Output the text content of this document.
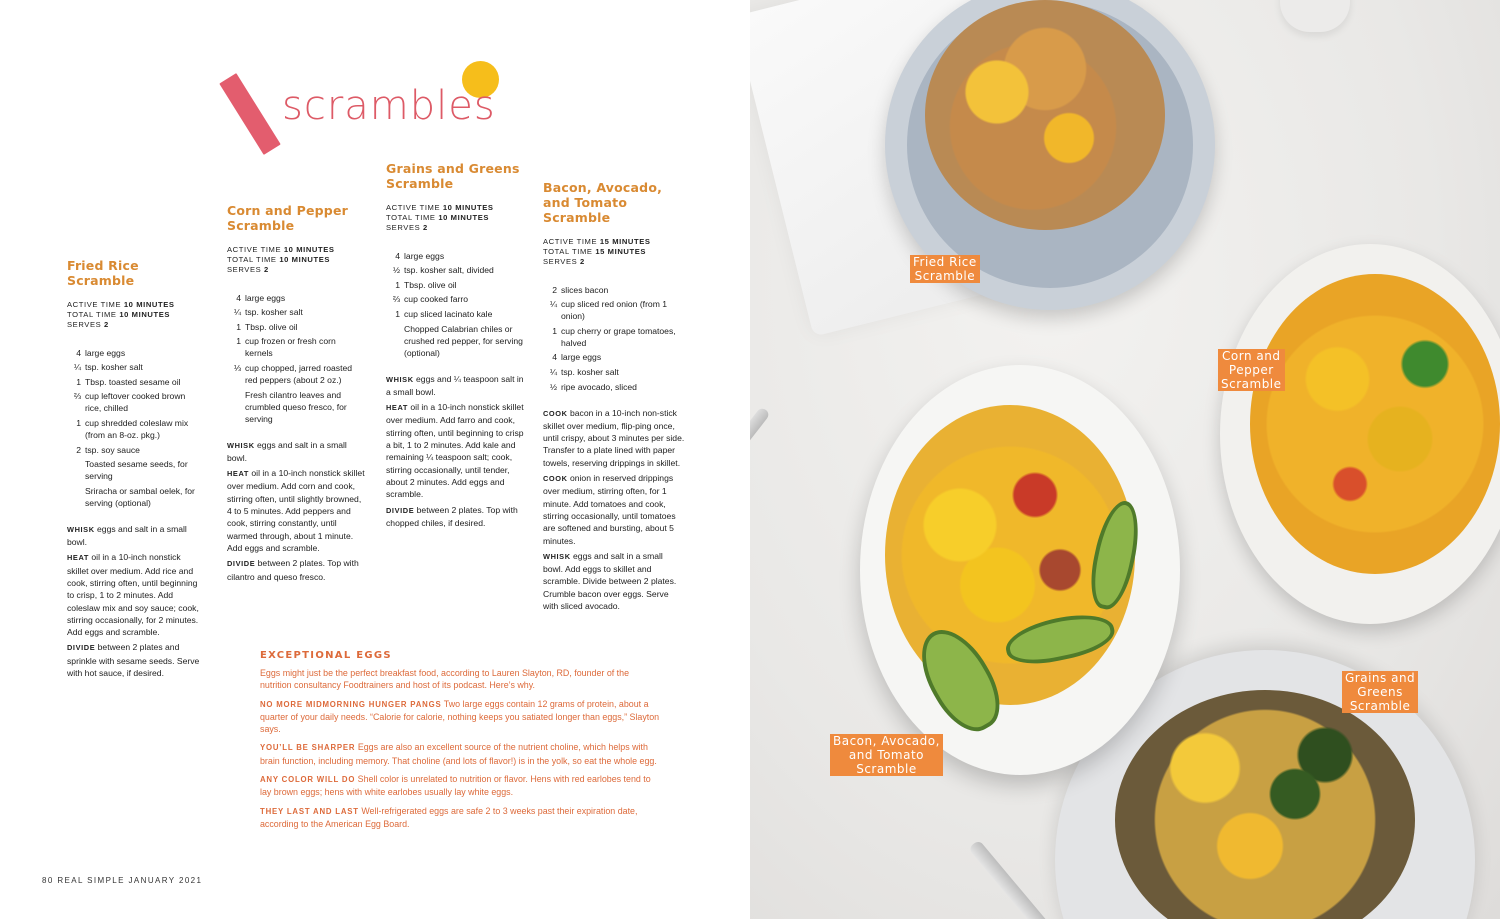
scrambles
Fried Rice Scramble
ACTIVE TIME 10 MINUTES
TOTAL TIME 10 MINUTES
SERVES 2
4 large eggs
¼ tsp. kosher salt
1 Tbsp. toasted sesame oil
⅔ cup leftover cooked brown rice, chilled
1 cup shredded coleslaw mix (from an 8-oz. pkg.)
2 tsp. soy sauce
Toasted sesame seeds, for serving
Sriracha or sambal oelek, for serving (optional)
WHISK eggs and salt in a small bowl.
HEAT oil in a 10-inch nonstick skillet over medium. Add rice and cook, stirring often, until beginning to crisp, 1 to 2 minutes. Add coleslaw mix and soy sauce; cook, stirring occasionally, for 2 minutes. Add eggs and scramble.
DIVIDE between 2 plates and sprinkle with sesame seeds. Serve with hot sauce, if desired.
Corn and Pepper Scramble
ACTIVE TIME 10 MINUTES
TOTAL TIME 10 MINUTES
SERVES 2
4 large eggs
¼ tsp. kosher salt
1 Tbsp. olive oil
1 cup frozen or fresh corn kernels
⅓ cup chopped, jarred roasted red peppers (about 2 oz.)
Fresh cilantro leaves and crumbled queso fresco, for serving
WHISK eggs and salt in a small bowl.
HEAT oil in a 10-inch nonstick skillet over medium. Add corn and cook, stirring often, until slightly browned, 4 to 5 minutes. Add peppers and cook, stirring constantly, until warmed through, about 1 minute. Add eggs and scramble.
DIVIDE between 2 plates. Top with cilantro and queso fresco.
Grains and Greens Scramble
ACTIVE TIME 10 MINUTES
TOTAL TIME 10 MINUTES
SERVES 2
4 large eggs
½ tsp. kosher salt, divided
1 Tbsp. olive oil
⅔ cup cooked farro
1 cup sliced lacinato kale
Chopped Calabrian chiles or crushed red pepper, for serving (optional)
WHISK eggs and ¼ teaspoon salt in a small bowl.
HEAT oil in a 10-inch nonstick skillet over medium. Add farro and cook, stirring often, until beginning to crisp a bit, 1 to 2 minutes. Add kale and remaining ¼ teaspoon salt; cook, stirring occasionally, until tender, about 2 minutes. Add eggs and scramble.
DIVIDE between 2 plates. Top with chopped chiles, if desired.
Bacon, Avocado, and Tomato Scramble
ACTIVE TIME 15 MINUTES
TOTAL TIME 15 MINUTES
SERVES 2
2 slices bacon
¼ cup sliced red onion (from 1 onion)
1 cup cherry or grape tomatoes, halved
4 large eggs
¼ tsp. kosher salt
½ ripe avocado, sliced
COOK bacon in a 10-inch non-stick skillet over medium, flip-ping once, until crispy, about 3 minutes per side. Transfer to a plate lined with paper towels, reserving drippings in skillet.
COOK onion in reserved drippings over medium, stirring often, for 1 minute. Add tomatoes and cook, stirring occasionally, until tomatoes are softened and bursting, about 5 minutes.
WHISK eggs and salt in a small bowl. Add eggs to skillet and scramble. Divide between 2 plates. Crumble bacon over eggs. Serve with sliced avocado.
EXCEPTIONAL EGGS
Eggs might just be the perfect breakfast food, according to Lauren Slayton, RD, founder of the nutrition consultancy Foodtrainers and host of its podcast. Here’s why.
NO MORE MIDMORNING HUNGER PANGS Two large eggs contain 12 grams of protein, about a quarter of your daily needs. “Calorie for calorie, nothing keeps you satiated longer than eggs,” Slayton says.
YOU’LL BE SHARPER Eggs are also an excellent source of the nutrient choline, which helps with brain function, including memory. That choline (and lots of flavor!) is in the yolk, so eat the whole egg.
ANY COLOR WILL DO Shell color is unrelated to nutrition or flavor. Hens with red earlobes tend to lay brown eggs; hens with white earlobes usually lay white eggs.
THEY LAST AND LAST Well-refrigerated eggs are safe 2 to 3 weeks past their expiration date, according to the American Egg Board.
80 REAL SIMPLE JANUARY 2021
Fried Rice
Scramble
Corn and
Pepper
Scramble
Grains and
Greens
Scramble
Bacon, Avocado,
and Tomato
Scramble
